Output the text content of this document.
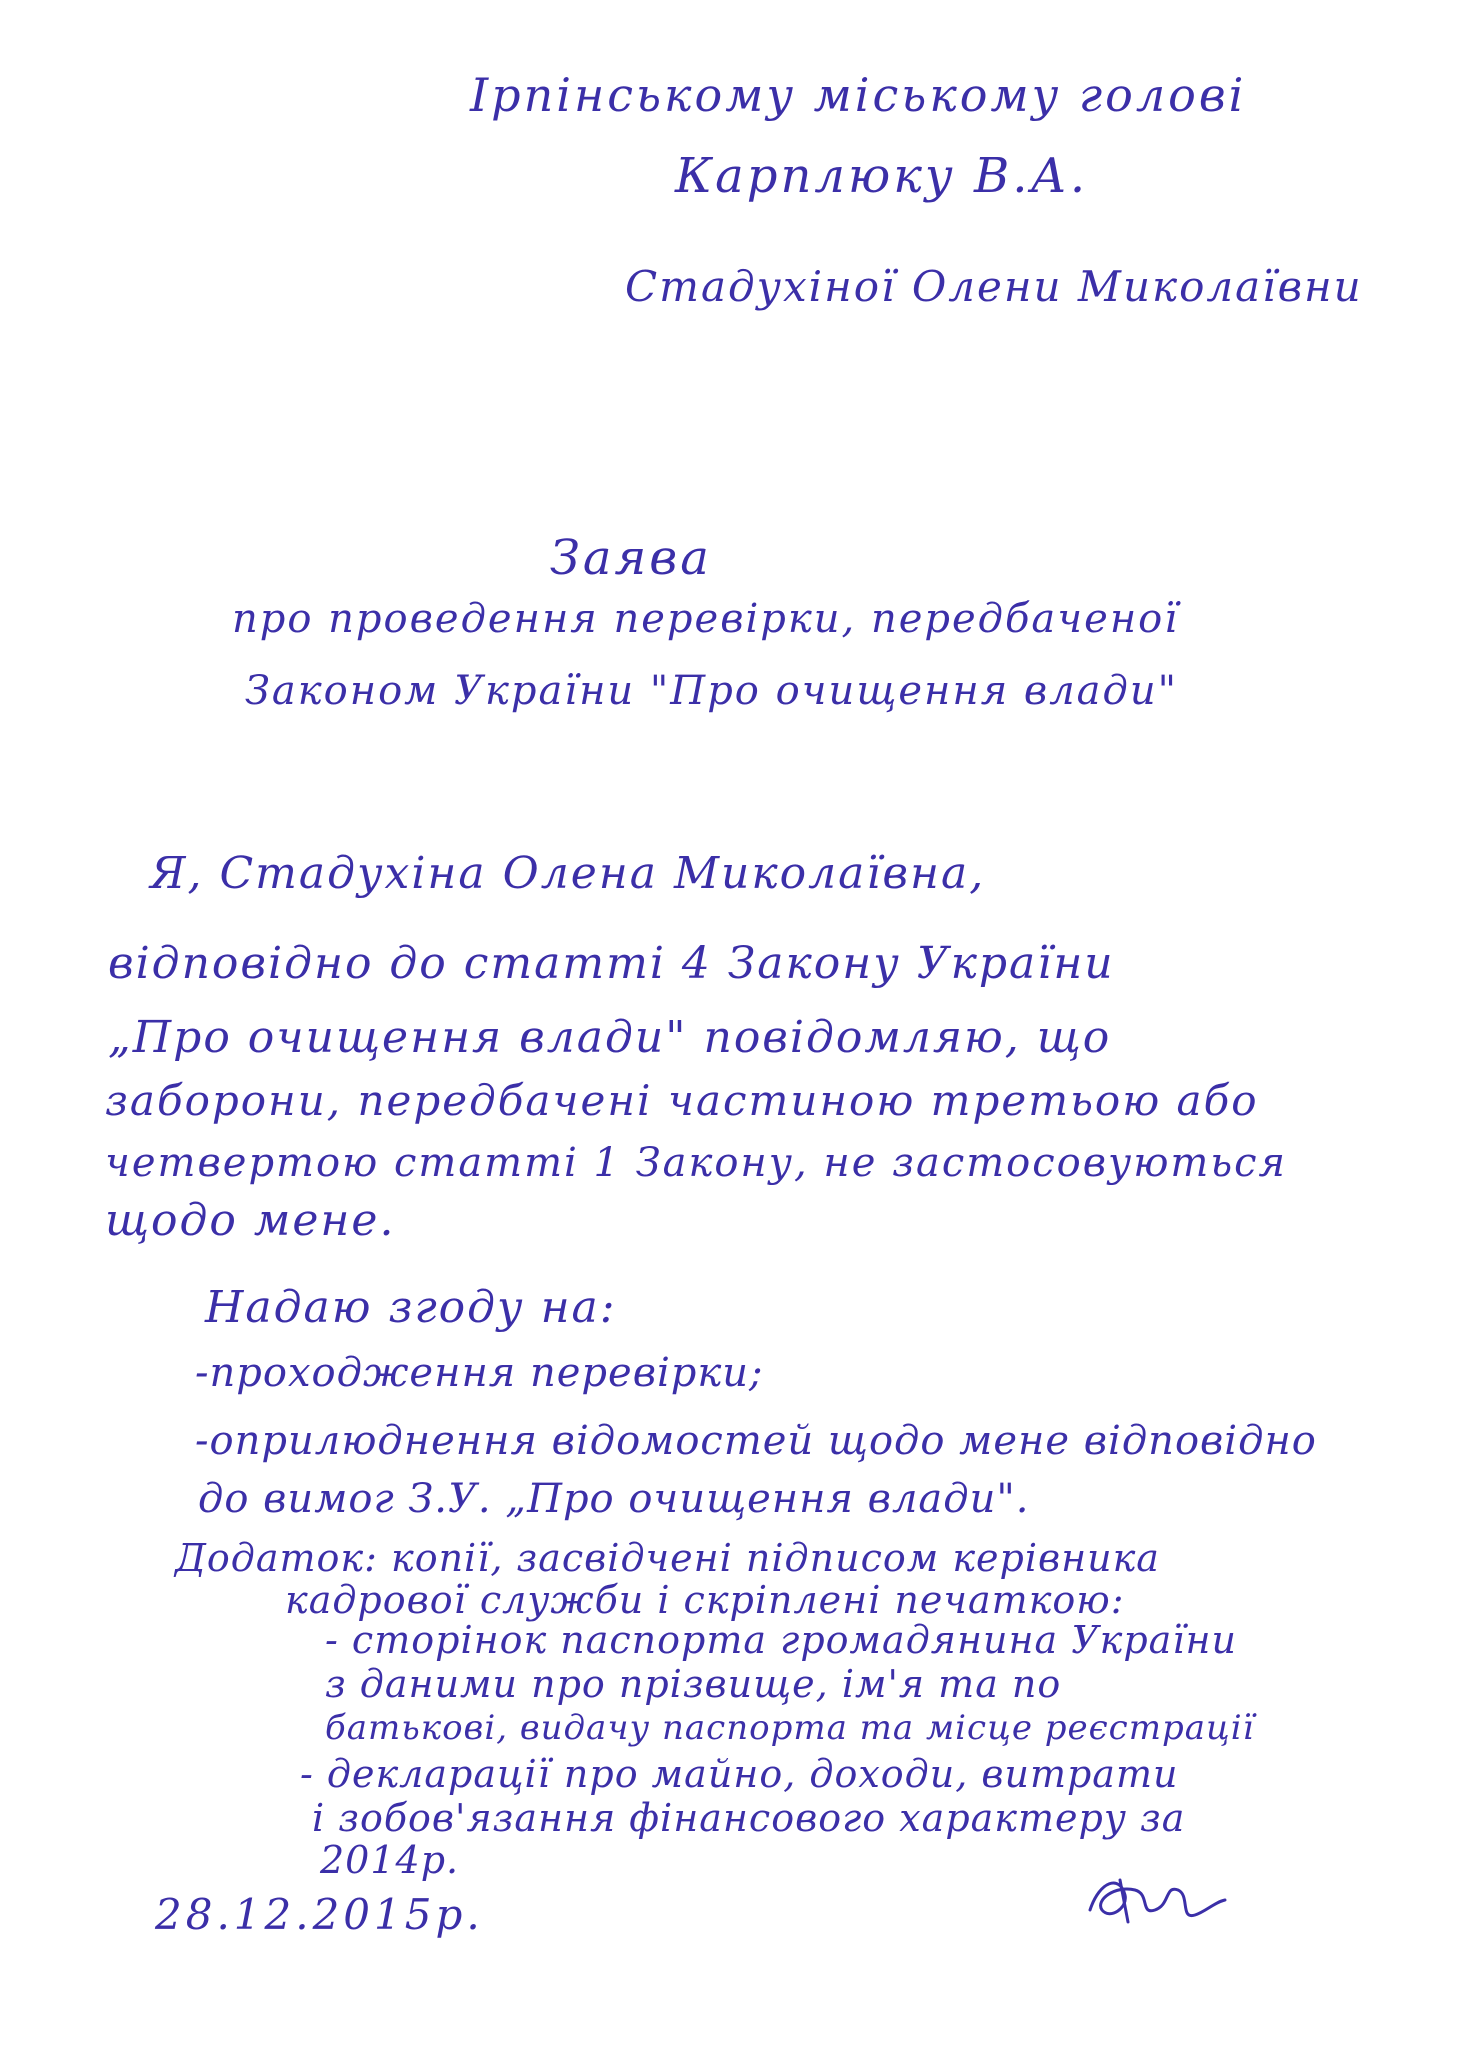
Ірпінському міському голові
Карплюку В.А.
Стадухіної Олени Миколаївни
Заява
про проведення перевірки, передбаченої
Законом України "Про очищення влади"
Я, Стадухіна Олена Миколаївна,
відповідно до статті 4 Закону України
„Про очищення влади" повідомляю, що
заборони, передбачені частиною третьою або
четвертою статті 1 Закону, не застосовуються
щодо мене.
Надаю згоду на:
-проходження перевірки;
-оприлюднення відомостей щодо мене відповідно
до вимог З.У. „Про очищення влади".
Додаток: копії, засвідчені підписом керівника
кадрової служби і скріплені печаткою:
- сторінок паспорта громадянина України
з даними про прізвище, ім'я та по
батькові, видачу паспорта та місце реєстрації
- декларації про майно, доходи, витрати
і зобов'язання фінансового характеру за
2014р.
28.12.2015р.
